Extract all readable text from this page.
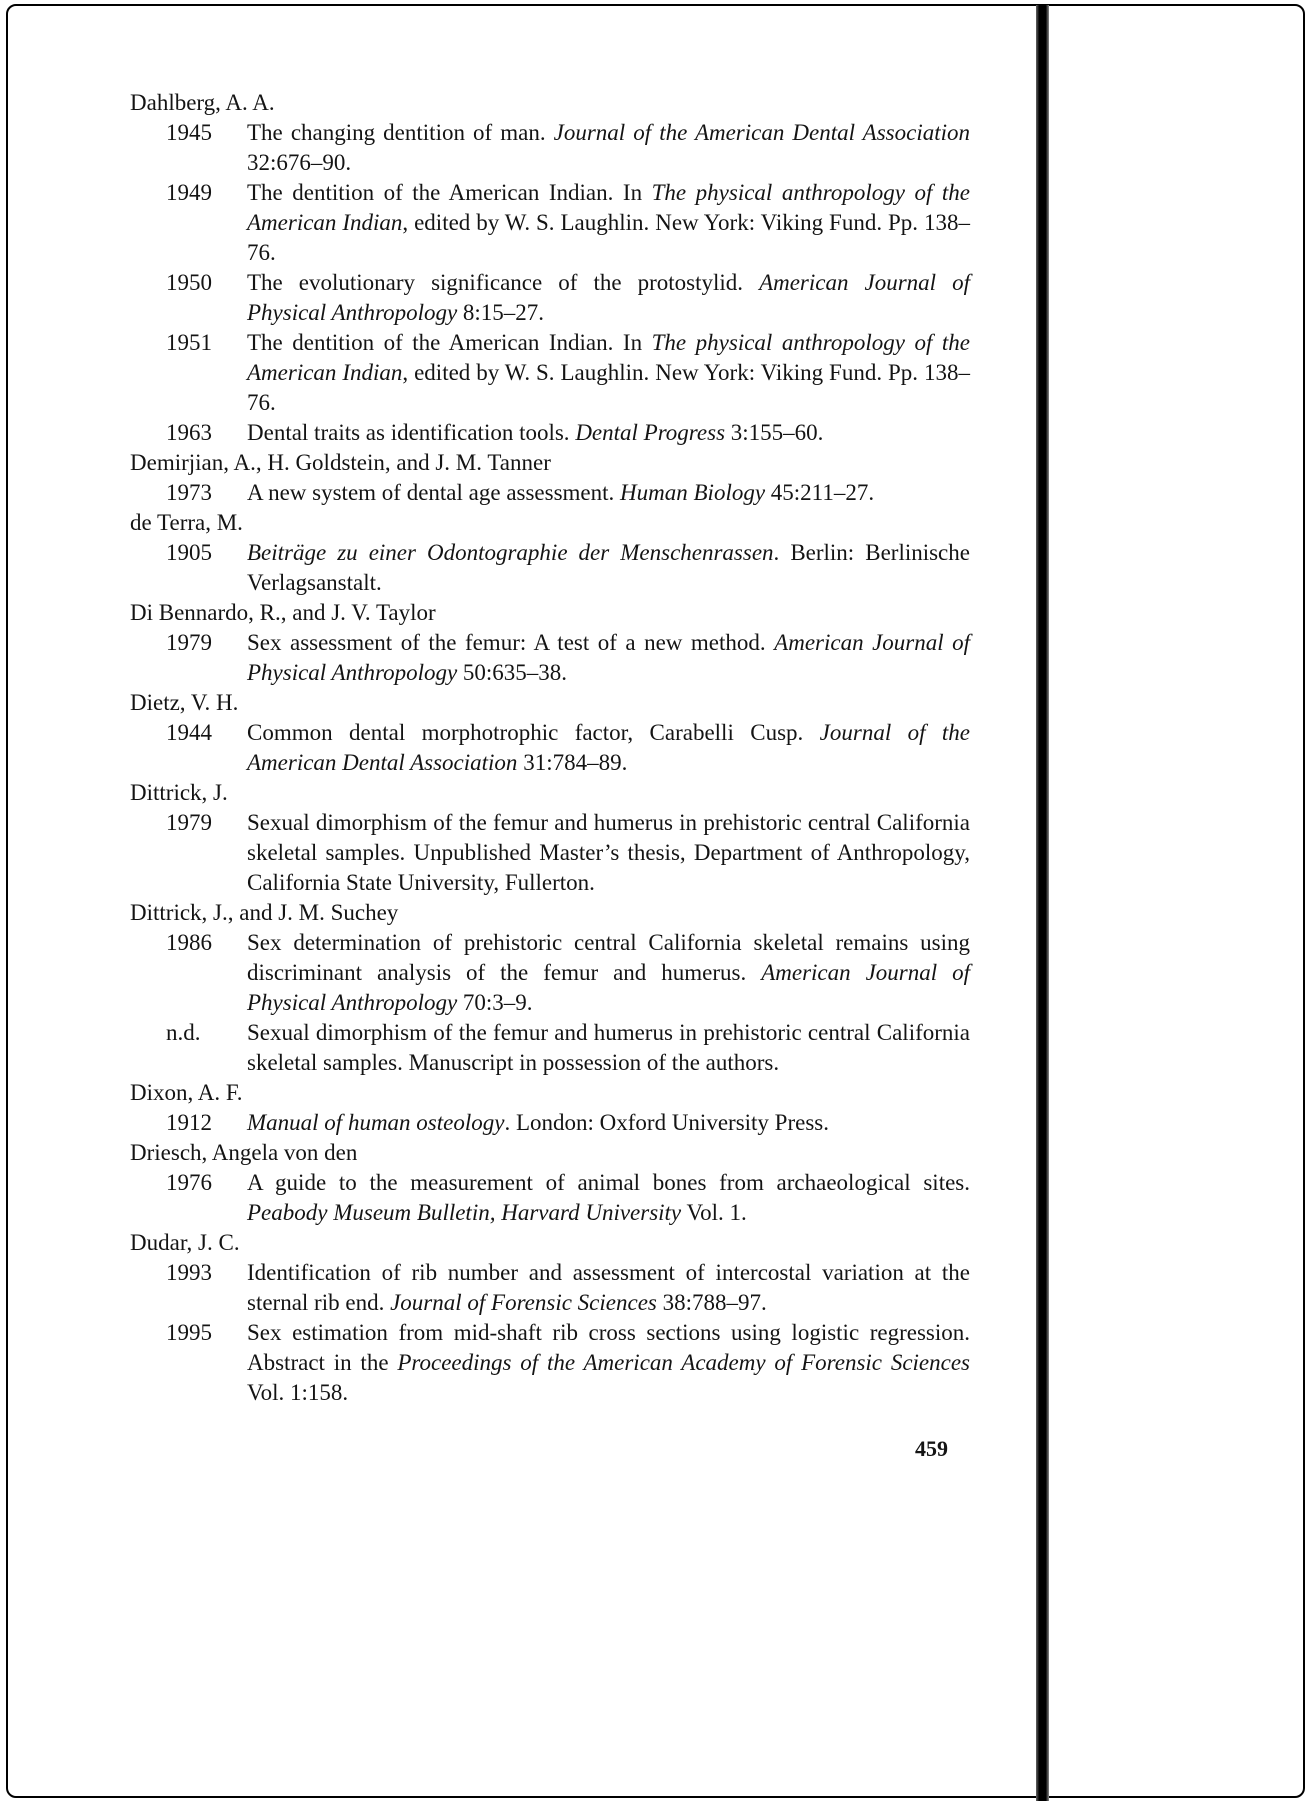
Dahlberg, A. A.
1945	The changing dentition of man. Journal of the American Dental Association 32:676–90.
1949	The dentition of the American Indian. In The physical anthropology of the American Indian, edited by W. S. Laughlin. New York: Viking Fund. Pp. 138–76.
1950	The evolutionary significance of the protostylid. American Journal of Physical Anthropology 8:15–27.
1951	The dentition of the American Indian. In The physical anthropology of the American Indian, edited by W. S. Laughlin. New York: Viking Fund. Pp. 138–76.
1963	Dental traits as identification tools. Dental Progress 3:155–60.
Demirjian, A., H. Goldstein, and J. M. Tanner
1973	A new system of dental age assessment. Human Biology 45:211–27.
de Terra, M.
1905	Beiträge zu einer Odontographie der Menschenrassen. Berlin: Berlinische Verlagsanstalt.
Di Bennardo, R., and J. V. Taylor
1979	Sex assessment of the femur: A test of a new method. American Journal of Physical Anthropology 50:635–38.
Dietz, V. H.
1944	Common dental morphotrophic factor, Carabelli Cusp. Journal of the American Dental Association 31:784–89.
Dittrick, J.
1979	Sexual dimorphism of the femur and humerus in prehistoric central California skeletal samples. Unpublished Master’s thesis, Department of Anthropology, California State University, Fullerton.
Dittrick, J., and J. M. Suchey
1986	Sex determination of prehistoric central California skeletal remains using discriminant analysis of the femur and humerus. American Journal of Physical Anthropology 70:3–9.
n.d.	Sexual dimorphism of the femur and humerus in prehistoric central California skeletal samples. Manuscript in possession of the authors.
Dixon, A. F.
1912	Manual of human osteology. London: Oxford University Press.
Driesch, Angela von den
1976	A guide to the measurement of animal bones from archaeological sites. Peabody Museum Bulletin, Harvard University Vol. 1.
Dudar, J. C.
1993	Identification of rib number and assessment of intercostal variation at the sternal rib end. Journal of Forensic Sciences 38:788–97.
1995	Sex estimation from mid-shaft rib cross sections using logistic regression. Abstract in the Proceedings of the American Academy of Forensic Sciences Vol. 1:158.
459
